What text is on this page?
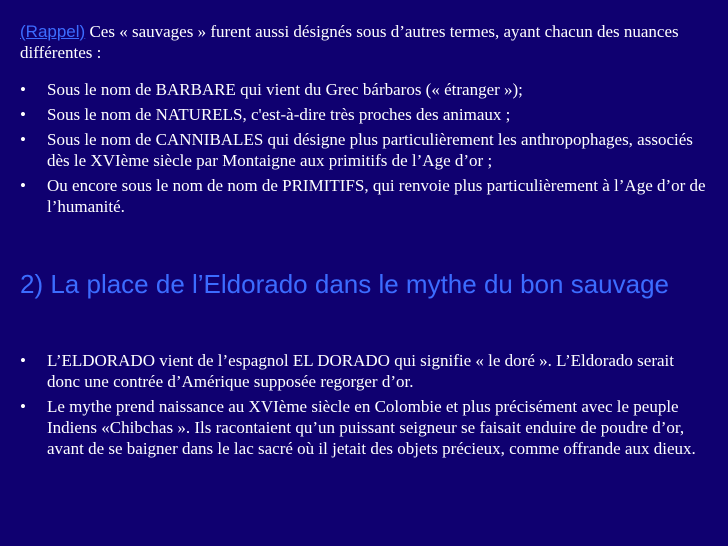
(Rappel) Ces « sauvages » furent aussi désignés sous d’autres termes, ayant chacun des nuances différentes :
•	Sous le nom de BARBARE qui vient du Grec bárbaros (« étranger »);
•	Sous le nom de NATURELS, c'est-à-dire très proches des animaux ;
•	Sous le nom de CANNIBALES qui désigne plus particulièrement les anthropophages, associés dès le XVIème siècle par Montaigne aux primitifs de l’Age d’or ;
•	Ou encore sous le nom de nom de PRIMITIFS, qui renvoie plus particulièrement à l’Age d’or de l’humanité.
2) La place de l’Eldorado dans le mythe du bon sauvage
•	L’ELDORADO vient de l’espagnol EL DORADO qui signifie « le doré ». L’Eldorado serait donc une contrée d’Amérique supposée regorger d’or.
•	Le mythe prend naissance au XVIème siècle en Colombie et plus précisément avec le peuple Indiens «Chibchas ». Ils racontaient qu’un puissant seigneur se faisait enduire de poudre d’or, avant de se baigner dans le lac sacré où il jetait des objets précieux, comme offrande aux dieux.
